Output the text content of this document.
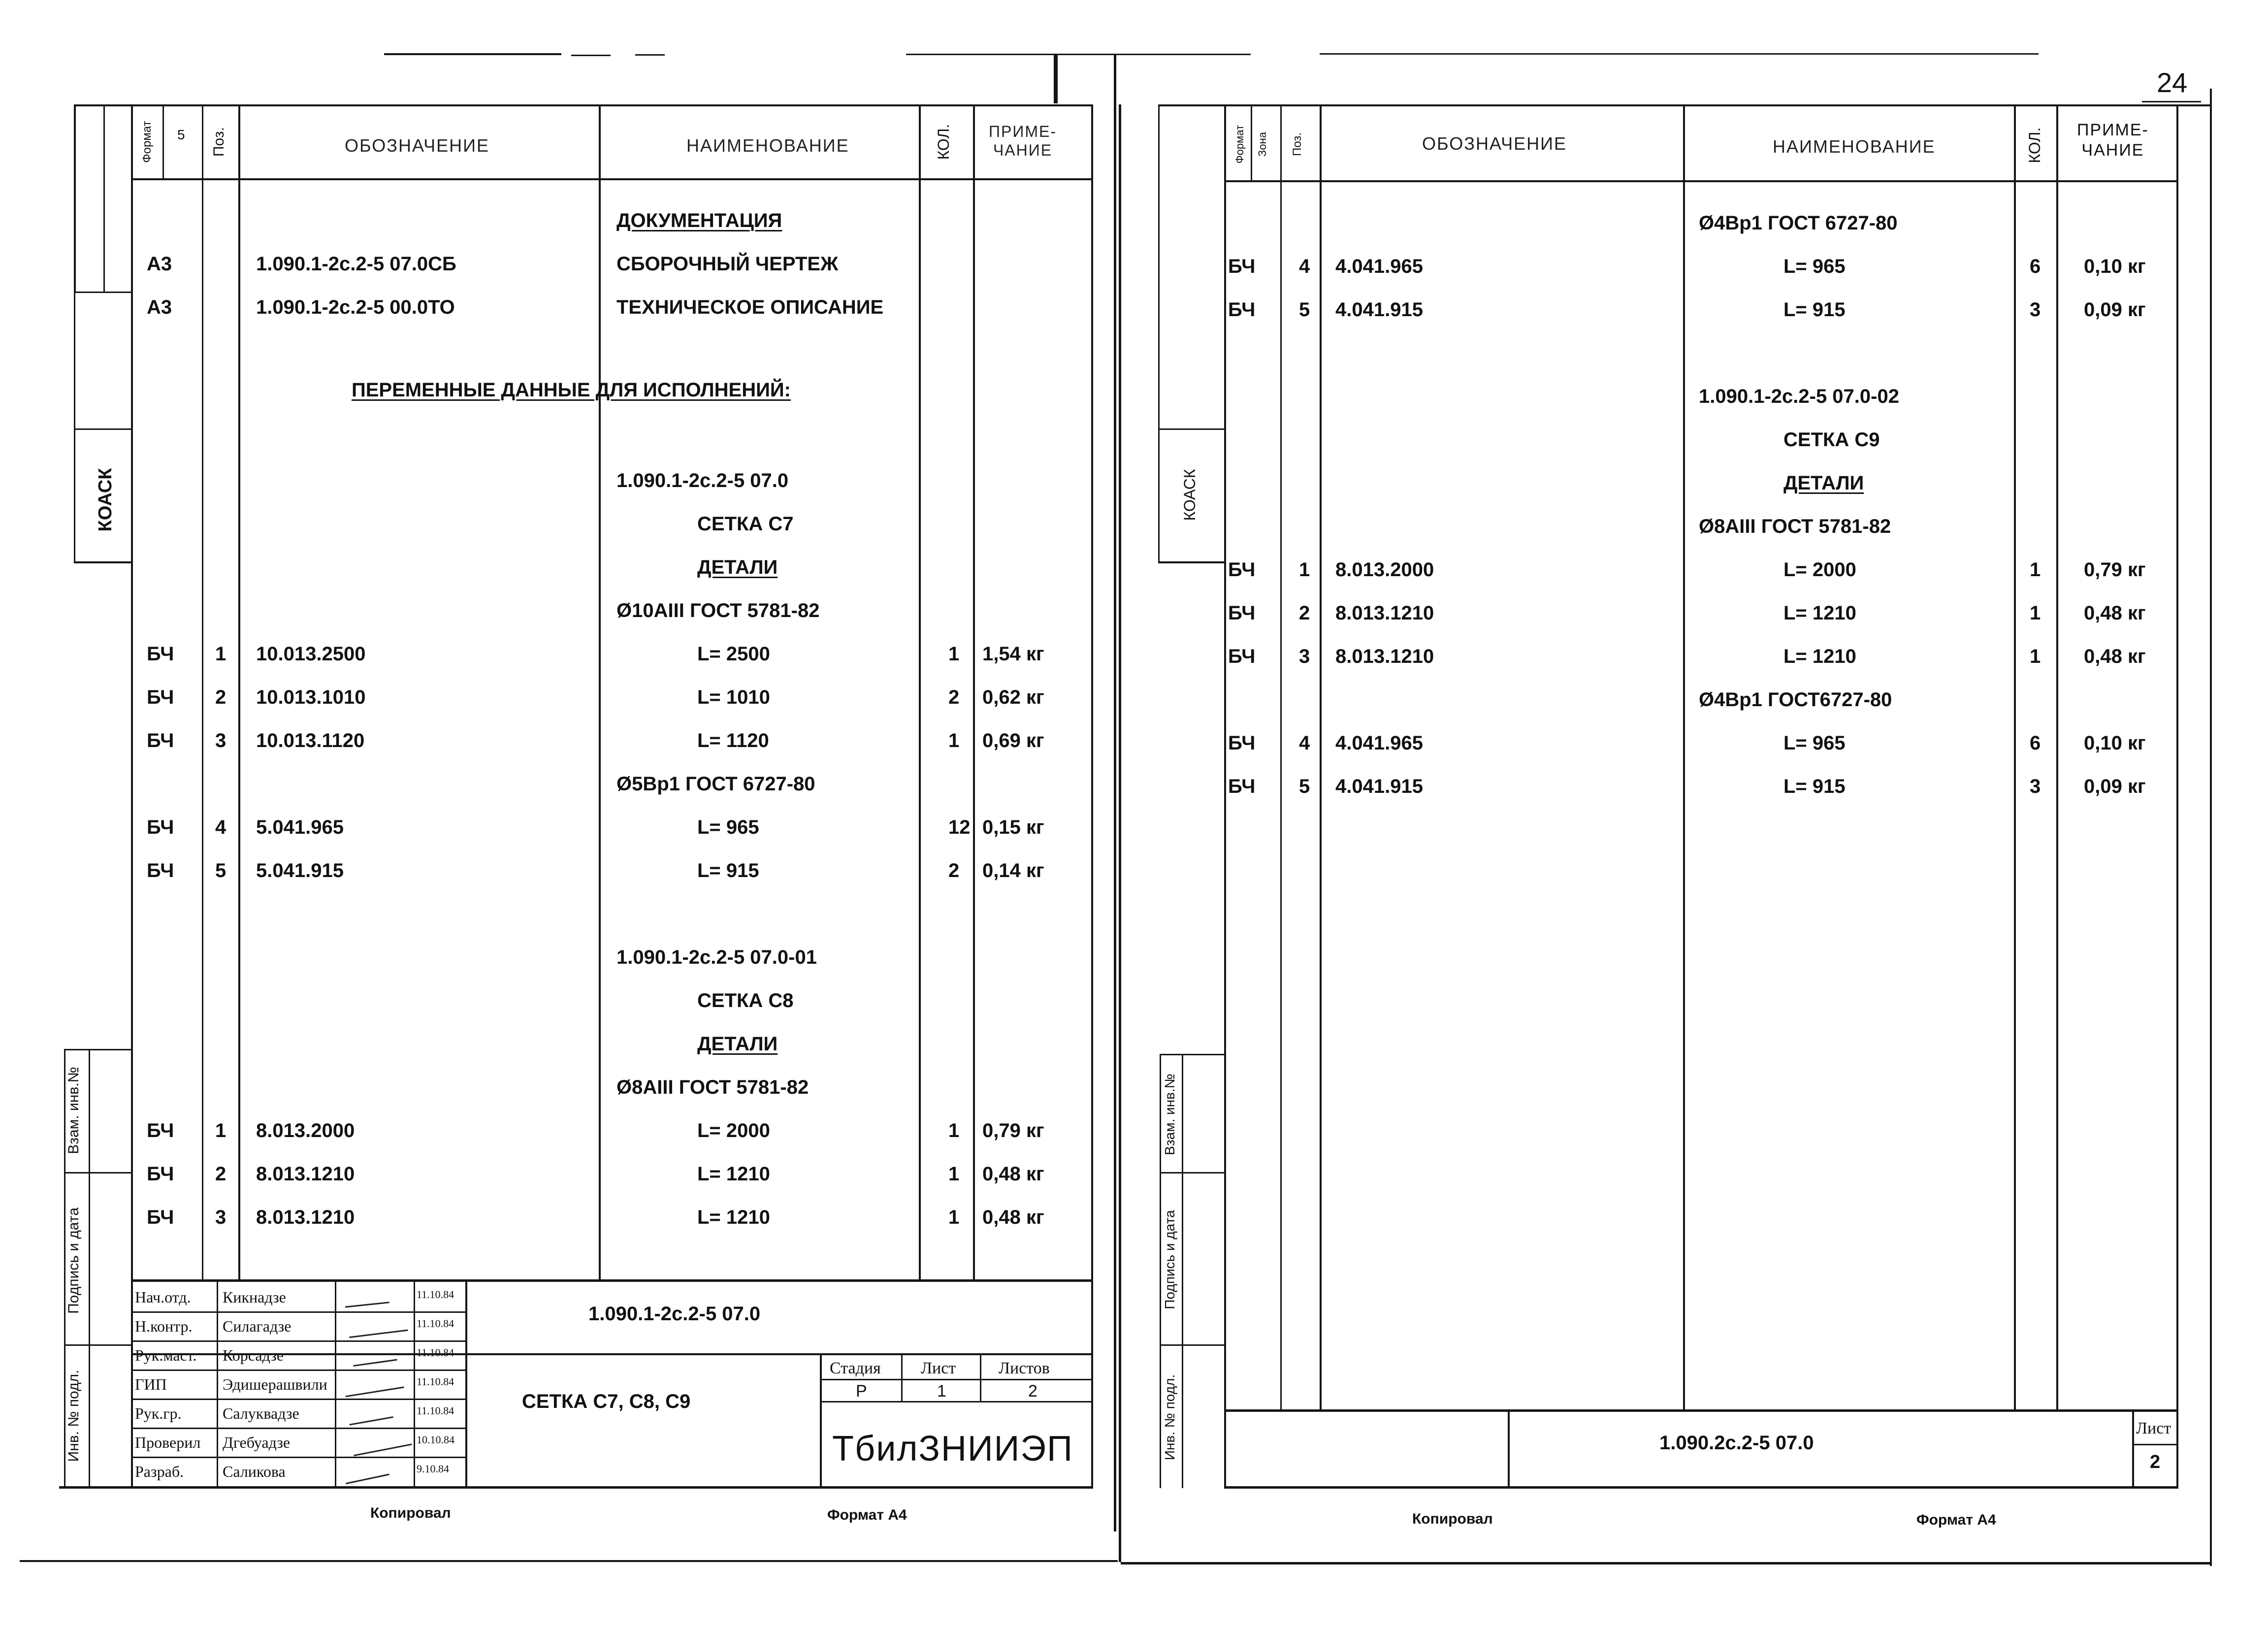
24
КОАСК
Взам. инв.№
Подпись и дата
Инв. № подл.
Формат	5 Поз.	ОБОЗНАЧЕНИЕ	НАИМЕНОВАНИЕ	КОЛ. ПРИМЕ-
ЧАНИЕ
ДОКУМЕНТАЦИЯ
А3	1.090.1-2с.2-5 07.0СБ	СБОРОЧНЫЙ ЧЕРТЕЖ
А3	1.090.1-2с.2-5 00.0ТО	ТЕХНИЧЕСКОЕ ОПИСАНИЕ
1.090.1-2с.2-5 07.0
СЕТКА С7
ДЕТАЛИ
Ø10АIII ГОСТ 5781-82
БЧ 1 10.013.2500	L= 2500	1 1,54 кг
БЧ 2 10.013.1010	L= 1010	2 0,62 кг
БЧ 3 10.013.1120	L= 1120	1 0,69 кг
Ø5Вр1 ГОСТ 6727-80
БЧ 4 5.041.965	L= 965	12 0,15 кг
БЧ 5 5.041.915	L= 915	2 0,14 кг
1.090.1-2с.2-5 07.0-01
СЕТКА С8
ДЕТАЛИ
Ø8АIII ГОСТ 5781-82
БЧ 1 8.013.2000	L= 2000	1 0,79 кг
БЧ 2 8.013.1210	L= 1210	1 0,48 кг
БЧ 3 8.013.1210	L= 1210	1 0,48 кг
ПЕРЕМЕННЫЕ ДАННЫЕ ДЛЯ ИСПОЛНЕНИЙ:
Нач.отд. Кикнадзе	11.10.84
Н.контр. Силагадзе	11.10.84
Рук.маст. Корсадзе	11.10.84
ГИП	Эдишерашвили	11.10.84
Рук.гр.	Салуквадзе	11.10.84
Проверил Дгебуадзе	10.10.84
Разраб. Саликова	9.10.84
1.090.1-2с.2-5 07.0
СЕТКА С7, С8, С9
Стадия Лист	Листов
Р	1	2
ТбилЗНИИЭП
Копировал	Формат А4
КОАСК
Взам. инв.№
Подпись и дата
Инв. № подл.
Формат Зона	Поз.	ОБОЗНАЧЕНИЕ	НАИМЕНОВАНИЕ	КОЛ. ПРИМЕ-
ЧАНИЕ
Ø4Вр1 ГОСТ 6727-80
БЧ 4 4.041.965	L= 965	6 0,10 кг
БЧ 5 4.041.915	L= 915	3 0,09 кг
1.090.1-2с.2-5 07.0-02
СЕТКА С9
ДЕТАЛИ
Ø8АIII ГОСТ 5781-82
БЧ 1 8.013.2000	L= 2000	1 0,79 кг
БЧ 2 8.013.1210	L= 1210	1 0,48 кг
БЧ 3 8.013.1210	L= 1210	1 0,48 кг
Ø4Вр1 ГОСТ6727-80
БЧ 4 4.041.965	L= 965	6 0,10 кг
БЧ 5 4.041.915	L= 915	3 0,09 кг
1.090.2с.2-5 07.0
Лист
2
Копировал	Формат А4
